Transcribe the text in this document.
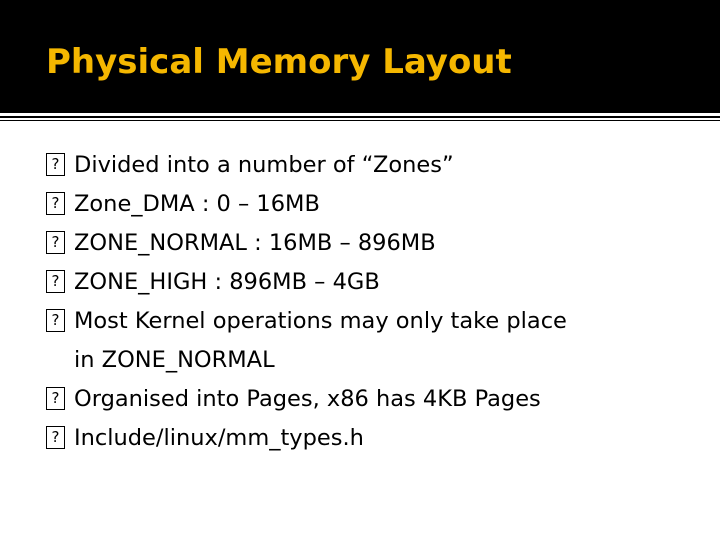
Physical Memory Layout
? Divided into a number of “Zones”
? Zone_DMA : 0 – 16MB
? ZONE_NORMAL : 16MB – 896MB
? ZONE_HIGH : 896MB – 4GB
? Most Kernel operations may only take place
in ZONE_NORMAL
? Organised into Pages, x86 has 4KB Pages
? Include/linux/mm_types.h
